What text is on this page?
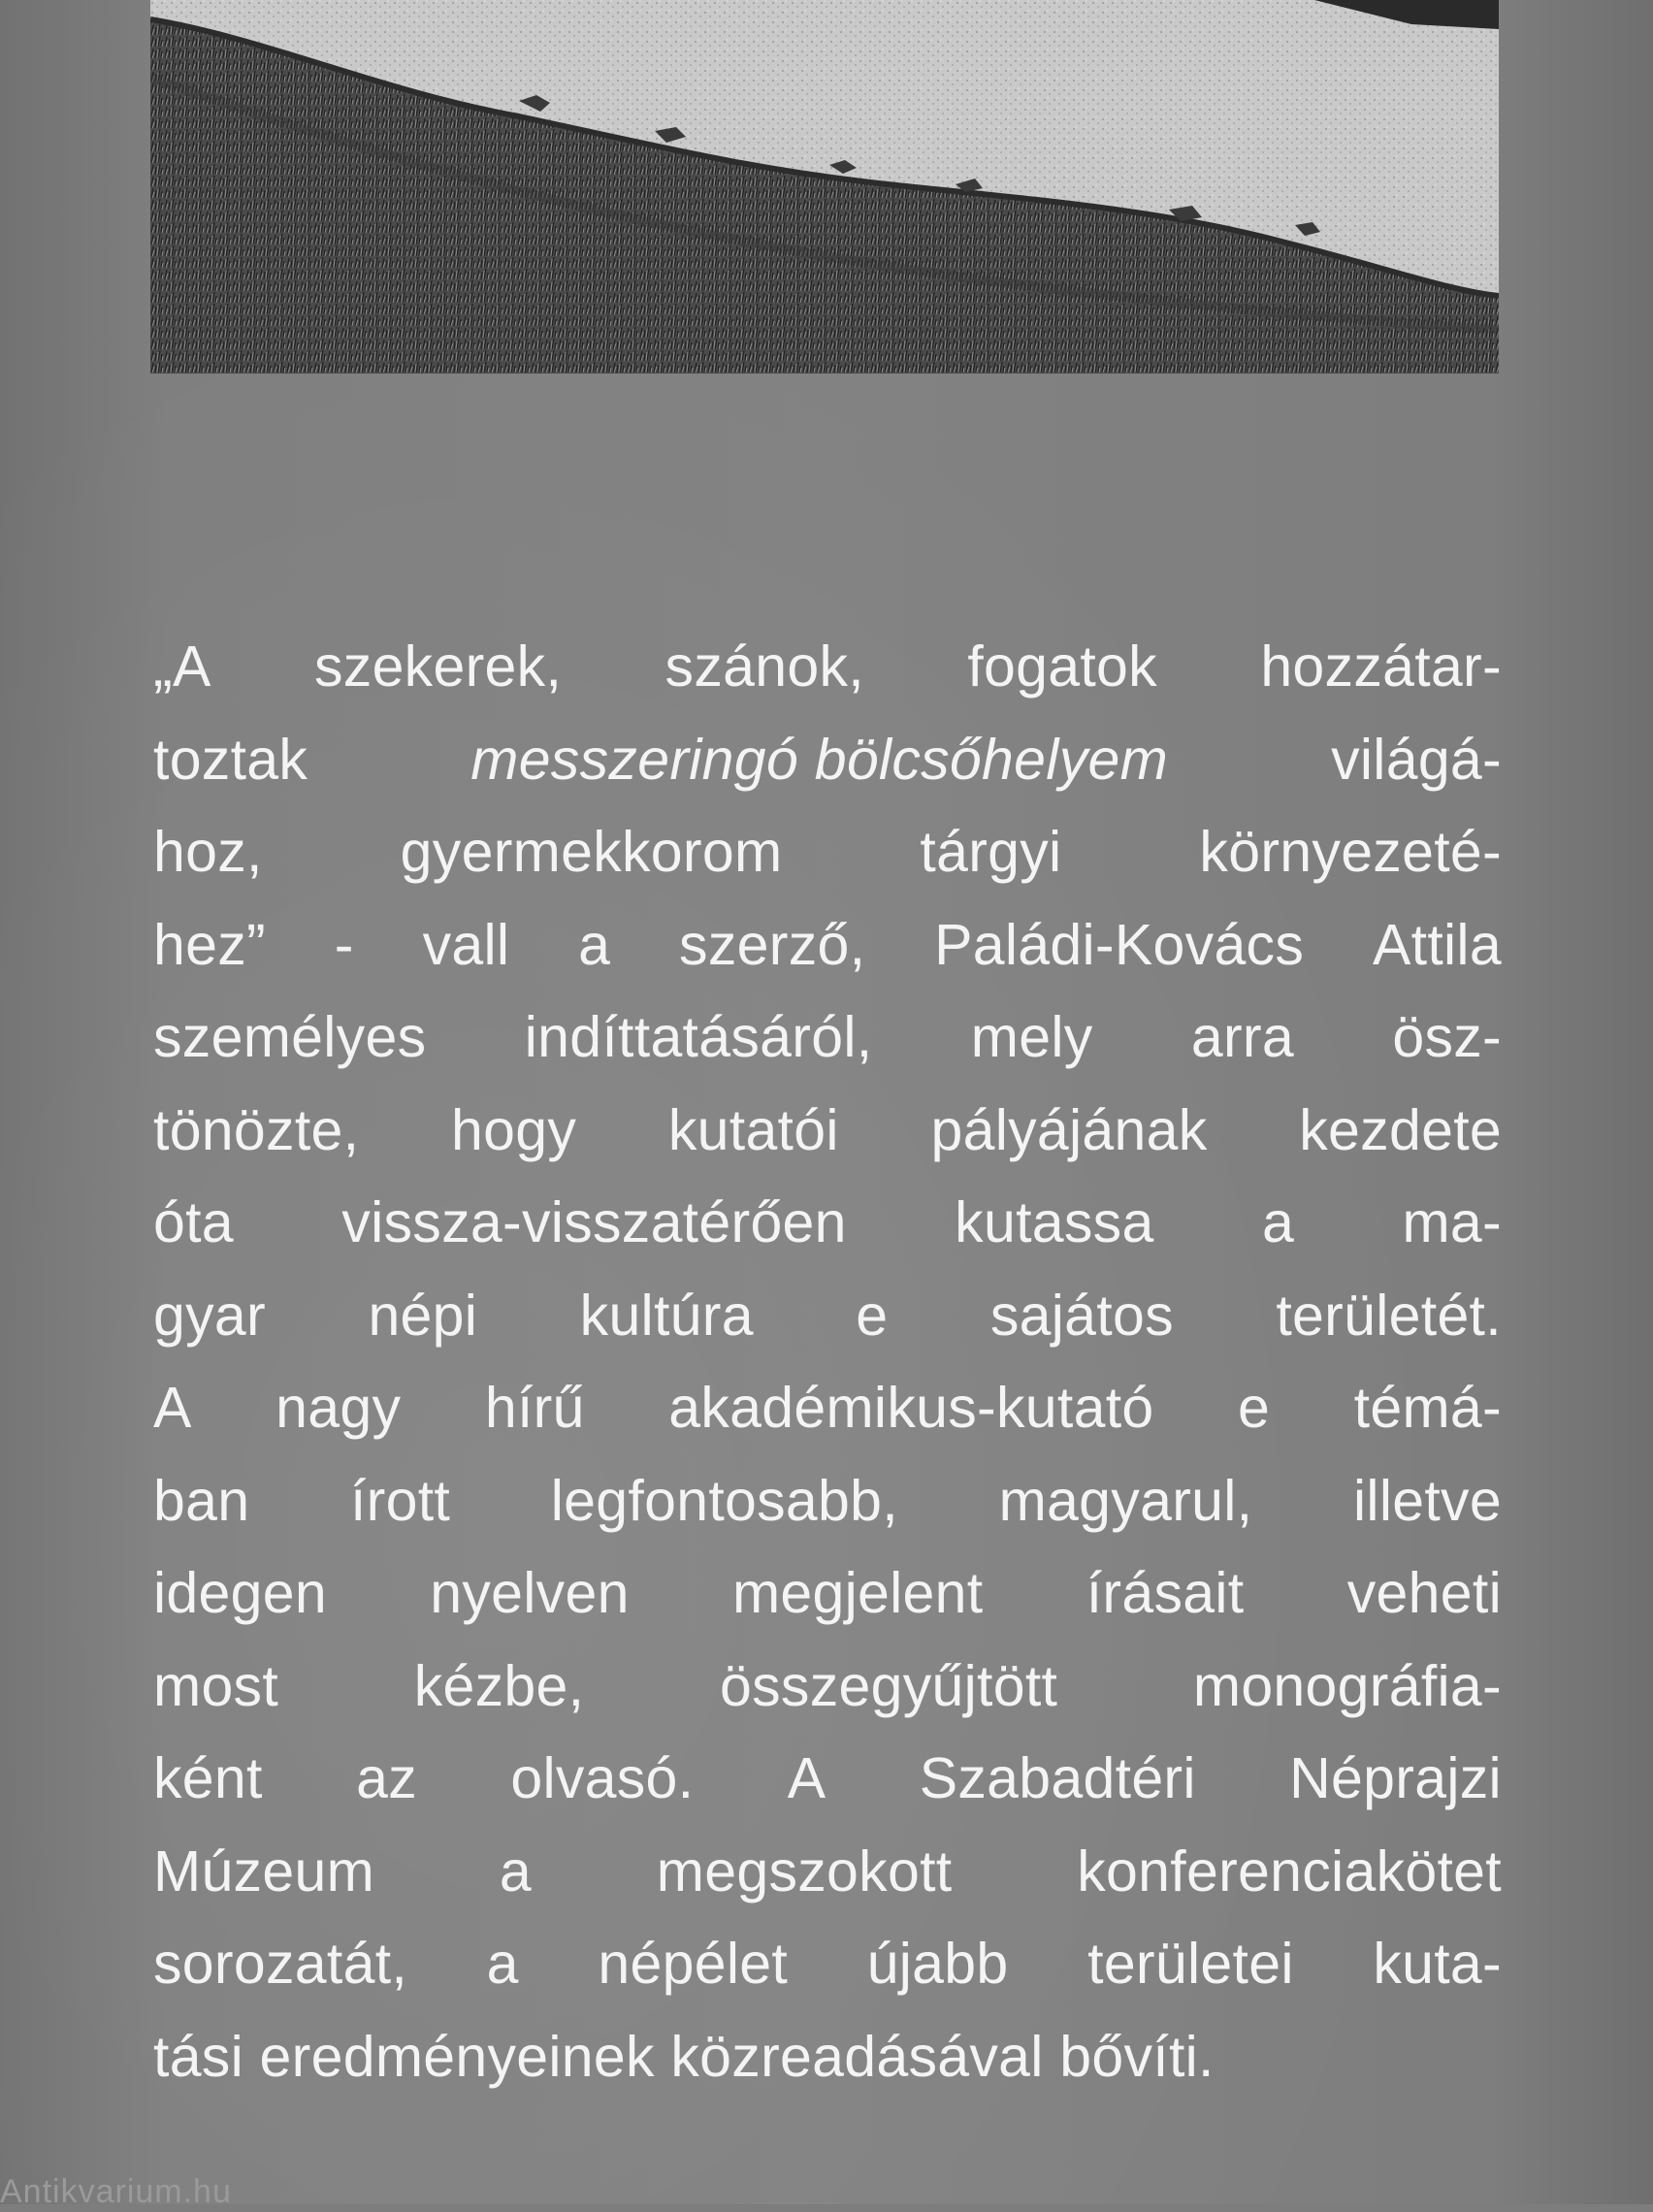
„A szekerek, szánok, fogatok hozzátar-
toztak	messzeringó bölcsőhelyem	világá-
hoz, gyermekkorom tárgyi környezeté-
hez” - vall a szerző, Paládi-Kovács Attila
személyes indíttatásáról, mely arra ösz-
tönözte, hogy kutatói pályájának kezdete
óta vissza-visszatérően kutassa a ma-
gyar népi kultúra e sajátos területét.
A nagy hírű akadémikus-kutató e témá-
ban írott legfontosabb, magyarul, illetve
idegen nyelven megjelent írásait veheti
most kézbe, összegyűjtött monográfia-
ként az olvasó. A Szabadtéri Néprajzi
Múzeum a megszokott konferenciakötet
sorozatát, a népélet újabb területei kuta-
tási eredményeinek közreadásával bővíti.
Antikvarium.hu
